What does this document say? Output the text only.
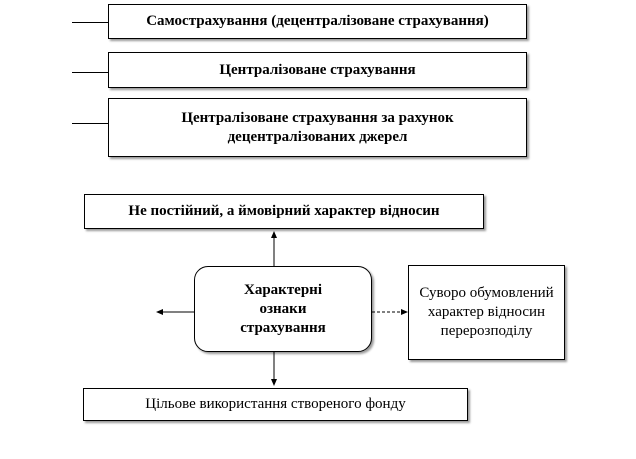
Самострахування (децентралізоване страхування)
Централізоване страхування
Централізоване страхування за рахунок децентралізованих джерел
Не постійний, а ймовірний характер відносин
Характерні ознаки страхування
Суворо обумовлений характер відносин перерозподілу
Цільове використання створеного фонду
